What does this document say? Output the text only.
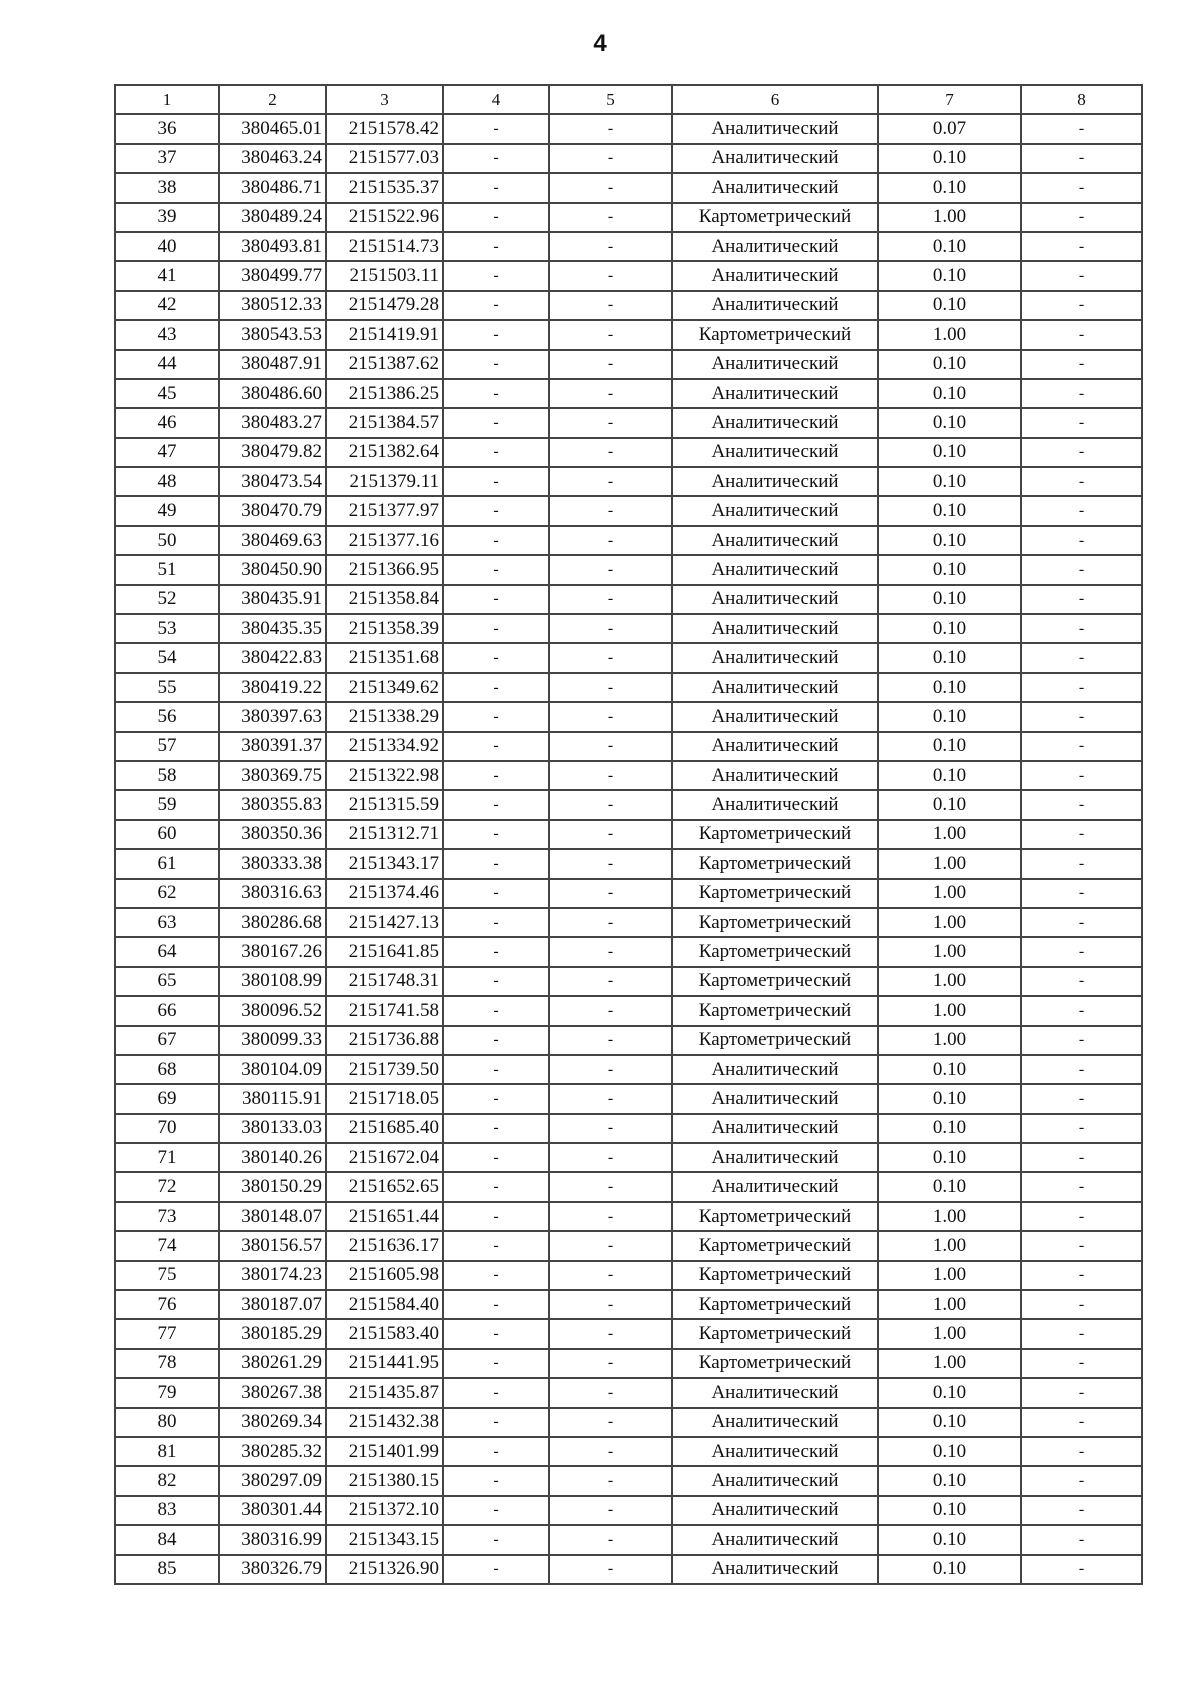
4
1	2	3	4	5	6	7	8
36	380465.01	2151578.42	-	-	Аналитический	0.07	-
37	380463.24	2151577.03	-	-	Аналитический	0.10	-
38	380486.71	2151535.37	-	-	Аналитический	0.10	-
39	380489.24	2151522.96	-	-	Картометрический	1.00	-
40	380493.81	2151514.73	-	-	Аналитический	0.10	-
41	380499.77	2151503.11	-	-	Аналитический	0.10	-
42	380512.33	2151479.28	-	-	Аналитический	0.10	-
43	380543.53	2151419.91	-	-	Картометрический	1.00	-
44	380487.91	2151387.62	-	-	Аналитический	0.10	-
45	380486.60	2151386.25	-	-	Аналитический	0.10	-
46	380483.27	2151384.57	-	-	Аналитический	0.10	-
47	380479.82	2151382.64	-	-	Аналитический	0.10	-
48	380473.54	2151379.11	-	-	Аналитический	0.10	-
49	380470.79	2151377.97	-	-	Аналитический	0.10	-
50	380469.63	2151377.16	-	-	Аналитический	0.10	-
51	380450.90	2151366.95	-	-	Аналитический	0.10	-
52	380435.91	2151358.84	-	-	Аналитический	0.10	-
53	380435.35	2151358.39	-	-	Аналитический	0.10	-
54	380422.83	2151351.68	-	-	Аналитический	0.10	-
55	380419.22	2151349.62	-	-	Аналитический	0.10	-
56	380397.63	2151338.29	-	-	Аналитический	0.10	-
57	380391.37	2151334.92	-	-	Аналитический	0.10	-
58	380369.75	2151322.98	-	-	Аналитический	0.10	-
59	380355.83	2151315.59	-	-	Аналитический	0.10	-
60	380350.36	2151312.71	-	-	Картометрический	1.00	-
61	380333.38	2151343.17	-	-	Картометрический	1.00	-
62	380316.63	2151374.46	-	-	Картометрический	1.00	-
63	380286.68	2151427.13	-	-	Картометрический	1.00	-
64	380167.26	2151641.85	-	-	Картометрический	1.00	-
65	380108.99	2151748.31	-	-	Картометрический	1.00	-
66	380096.52	2151741.58	-	-	Картометрический	1.00	-
67	380099.33	2151736.88	-	-	Картометрический	1.00	-
68	380104.09	2151739.50	-	-	Аналитический	0.10	-
69	380115.91	2151718.05	-	-	Аналитический	0.10	-
70	380133.03	2151685.40	-	-	Аналитический	0.10	-
71	380140.26	2151672.04	-	-	Аналитический	0.10	-
72	380150.29	2151652.65	-	-	Аналитический	0.10	-
73	380148.07	2151651.44	-	-	Картометрический	1.00	-
74	380156.57	2151636.17	-	-	Картометрический	1.00	-
75	380174.23	2151605.98	-	-	Картометрический	1.00	-
76	380187.07	2151584.40	-	-	Картометрический	1.00	-
77	380185.29	2151583.40	-	-	Картометрический	1.00	-
78	380261.29	2151441.95	-	-	Картометрический	1.00	-
79	380267.38	2151435.87	-	-	Аналитический	0.10	-
80	380269.34	2151432.38	-	-	Аналитический	0.10	-
81	380285.32	2151401.99	-	-	Аналитический	0.10	-
82	380297.09	2151380.15	-	-	Аналитический	0.10	-
83	380301.44	2151372.10	-	-	Аналитический	0.10	-
84	380316.99	2151343.15	-	-	Аналитический	0.10	-
85	380326.79	2151326.90	-	-	Аналитический	0.10	-
